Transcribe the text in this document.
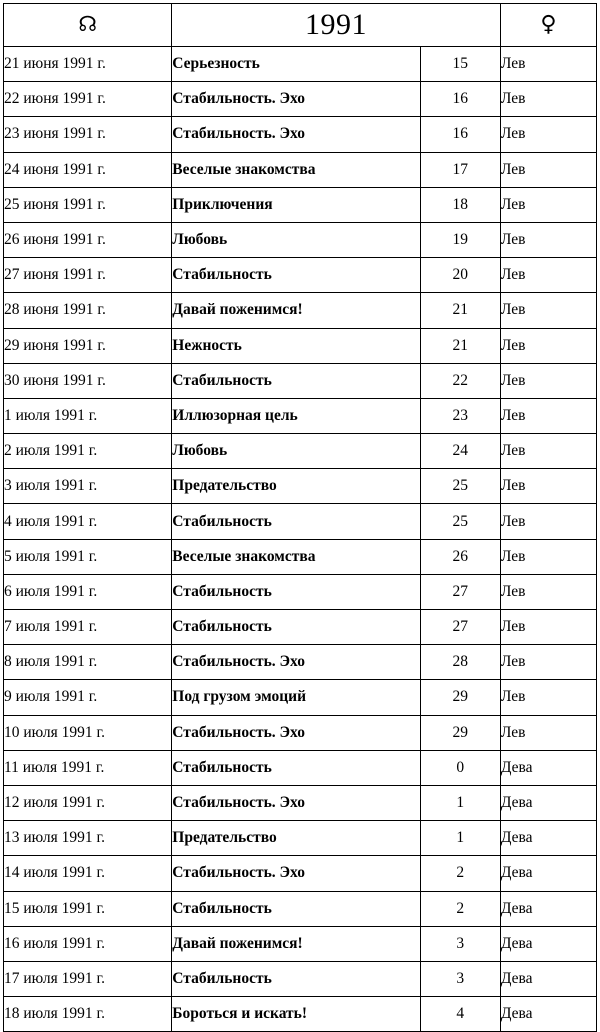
☊	1991		♀
21 июня 1991 г.	Серьезность	15	Лев
22 июня 1991 г.	Стабильность. Эхо	16	Лев
23 июня 1991 г.	Стабильность. Эхо	16	Лев
24 июня 1991 г.	Веселые знакомства	17	Лев
25 июня 1991 г.	Приключения	18	Лев
26 июня 1991 г.	Любовь	19	Лев
27 июня 1991 г.	Стабильность	20	Лев
28 июня 1991 г.	Давай поженимся!	21	Лев
29 июня 1991 г.	Нежность	21	Лев
30 июня 1991 г.	Стабильность	22	Лев
1 июля 1991 г.	Иллюзорная цель	23	Лев
2 июля 1991 г.	Любовь	24	Лев
3 июля 1991 г.	Предательство	25	Лев
4 июля 1991 г.	Стабильность	25	Лев
5 июля 1991 г.	Веселые знакомства	26	Лев
6 июля 1991 г.	Стабильность	27	Лев
7 июля 1991 г.	Стабильность	27	Лев
8 июля 1991 г.	Стабильность. Эхо	28	Лев
9 июля 1991 г.	Под грузом эмоций	29	Лев
10 июля 1991 г.	Стабильность. Эхо	29	Лев
11 июля 1991 г.	Стабильность	0	Дева
12 июля 1991 г.	Стабильность. Эхо	1	Дева
13 июля 1991 г.	Предательство	1	Дева
14 июля 1991 г.	Стабильность. Эхо	2	Дева
15 июля 1991 г.	Стабильность	2	Дева
16 июля 1991 г.	Давай поженимся!	3	Дева
17 июля 1991 г.	Стабильность	3	Дева
18 июля 1991 г.	Бороться и искать!	4	Дева
